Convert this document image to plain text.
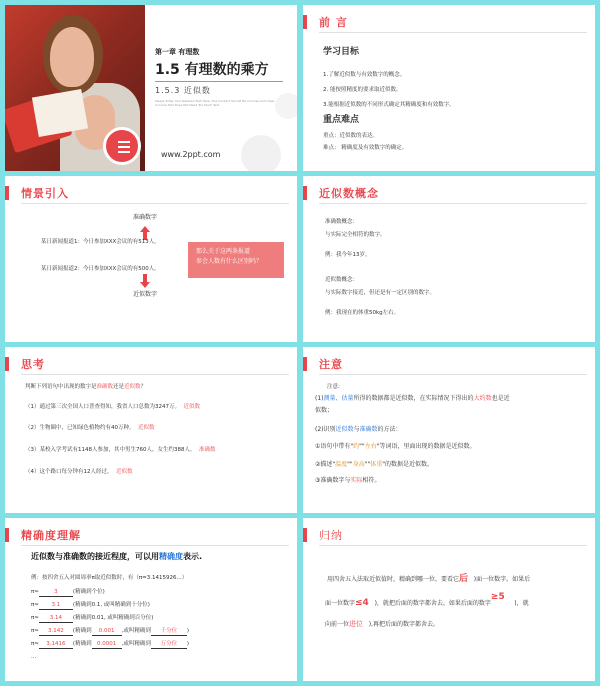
第一章 有理数
1.5 有理数的乘方
1.5.3 近似数
Please Enter Your Detailed Text Here, The Content Should Be Concise And Clear, Concise Text Does Not Need Too Much Text
www.2ppt.com
前 言
学习目标
1.了解近似数与有效数字的概念。
2. 能按照精度的要求取近似数。
3.能根据近似数的不同形式确定其精确度和有效数字。
重点难点
重点：近似数的表达。
难点： 精确度及有效数字的确定。
情景引入
准确数字
某日新闻报道1：今日参加XXX会议的有513人。
某日新闻报道2：今日参加XXX会议的有500人。
近似数字
那么关于这两条报道
参会人数有什么区别吗？
近似数概念
准确数概念：
与实际完全相符的数字。
例：我今年13岁。
近似数概念：
与实际数字接近，但还是有一定区别的数字。
例：我现在的体重50kg左右。
思考
判断下列语句中出现的数字是准确数还是近似数？
（1）通过第三次全国人口普查得知，我省人口总数为3247万。 近似数
（2）生物圈中，已知绿色植物约有40万种。 近似数
（3）某校入学考试有1148人参加，其中男生760人，女生约388人。 准确数
（4）这个路口每分钟有12人经过。 近似数
注意
注意:
(1)测量、估量所得的数据都是近似数，在实际情况下得出的大约数也是近
似数；
(2)识别近似数与准确数的方法：
①语句中带有"约""左右"等词语，里面出现的数据是近似数。
②描述"温度""身高""体重"的数据是近似数。
③准确数字与实际相符。
精确度理解
近似数与准确数的接近程度，可以用精确度表示.
例：按四舍五入对圆周率π取近似数时，有（π=3.1415926...）
π≈	3	(精确到个位)
π≈ 3.1 (精确到0.1, 或叫精确到十分位)
π≈ 3.14 (精确到0.01, 或叫精确到百分位)
π≈ 3.142 (精确到 0.001 ,或叫精确到 千分位 )
π≈ 3.1416 (精确到 0.0001 ,或叫精确到 万分位 )
...
归纳
用四舍五入法取近似值时，精确到哪一位，要看它后 )面一位数字。如果后
面一位数字≤4 )，就把后面的数字都舍去。如果后面的数字≥5     )，就
向前一位进位 ),再把后面的数字都舍去。
